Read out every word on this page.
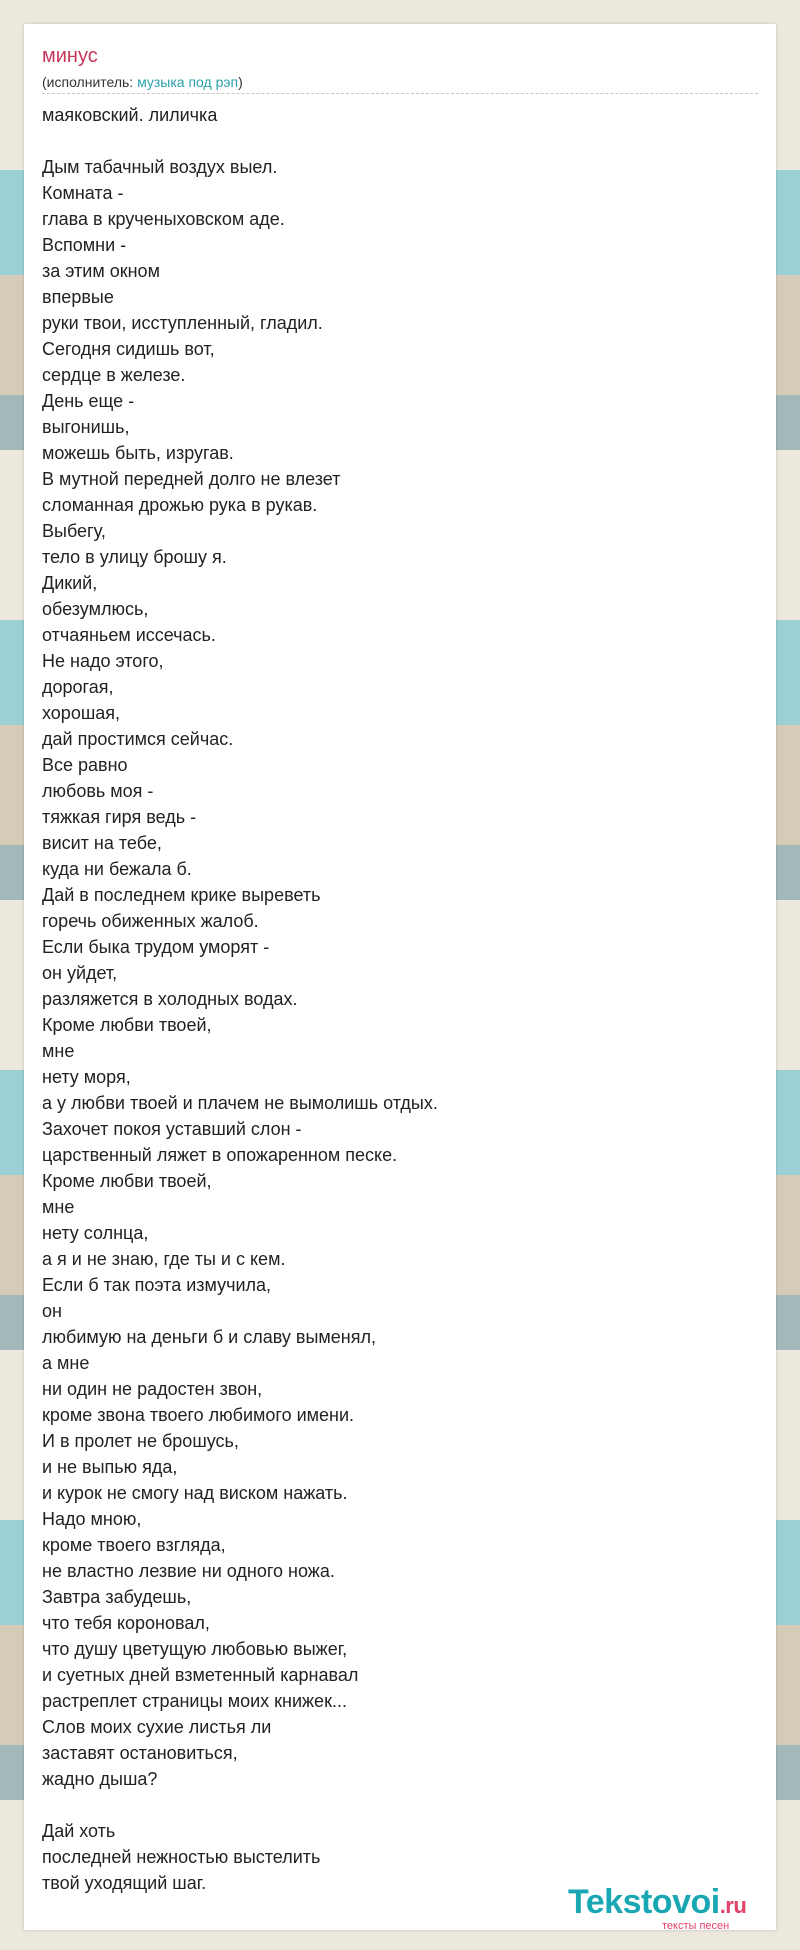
минус
(исполнитель: музыка под рэп)
маяковский. лиличка
Дым табачный воздух выел.
Комната -
глава в крученыховском аде.
Вспомни -
за этим окном
впервые
руки твои, исступленный, гладил.
Сегодня сидишь вот,
сердце в железе.
День еще -
выгонишь,
можешь быть, изругав.
В мутной передней долго не влезет
сломанная дрожью рука в рукав.
Выбегу,
тело в улицу брошу я.
Дикий,
обезумлюсь,
отчаяньем иссечась.
Не надо этого,
дорогая,
хорошая,
дай простимся сейчас.
Все равно
любовь моя -
тяжкая гиря ведь -
висит на тебе,
куда ни бежала б.
Дай в последнем крике выреветь
горечь обиженных жалоб.
Если быка трудом уморят -
он уйдет,
разляжется в холодных водах.
Кроме любви твоей,
мне
нету моря,
а у любви твоей и плачем не вымолишь отдых.
Захочет покоя уставший слон -
царственный ляжет в опожаренном песке.
Кроме любви твоей,
мне
нету солнца,
а я и не знаю, где ты и с кем.
Если б так поэта измучила,
он
любимую на деньги б и славу выменял,
а мне
ни один не радостен звон,
кроме звона твоего любимого имени.
И в пролет не брошусь,
и не выпью яда,
и курок не смогу над виском нажать.
Надо мною,
кроме твоего взгляда,
не властно лезвие ни одного ножа.
Завтра забудешь,
что тебя короновал,
что душу цветущую любовью выжег,
и суетных дней взметенный карнавал
растреплет страницы моих книжек...
Слов моих сухие листья ли
заставят остановиться,
жадно дыша?
Дай хоть
последней нежностью выстелить
твой уходящий шаг.	Tekstovoi.ru
тексты песен
